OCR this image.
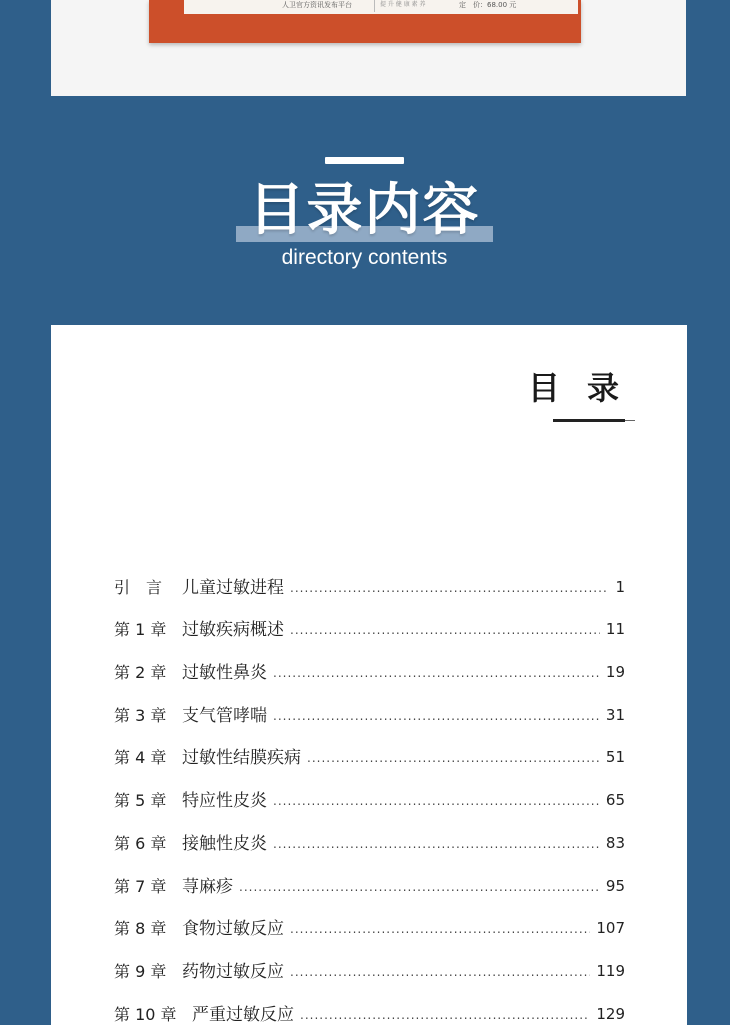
人卫官方资讯发布平台	提 升 健 康 素 养	定　价：68.00 元
目录内容
directory contents
目 录
引　言	儿童过敏进程 .....	1
第 1 章 过敏疾病概述 .....	11
第 2 章 过敏性鼻炎 .....	19
第 3 章 支气管哮喘 .....	31
第 4 章 过敏性结膜疾病 .....	51
第 5 章 特应性皮炎 .....	65
第 6 章 接触性皮炎 .....	83
第 7 章 荨麻疹 .....	95
第 8 章 食物过敏反应 .....	107
第 9 章 药物过敏反应 .....	119
第 10 章 严重过敏反应 .....	129
